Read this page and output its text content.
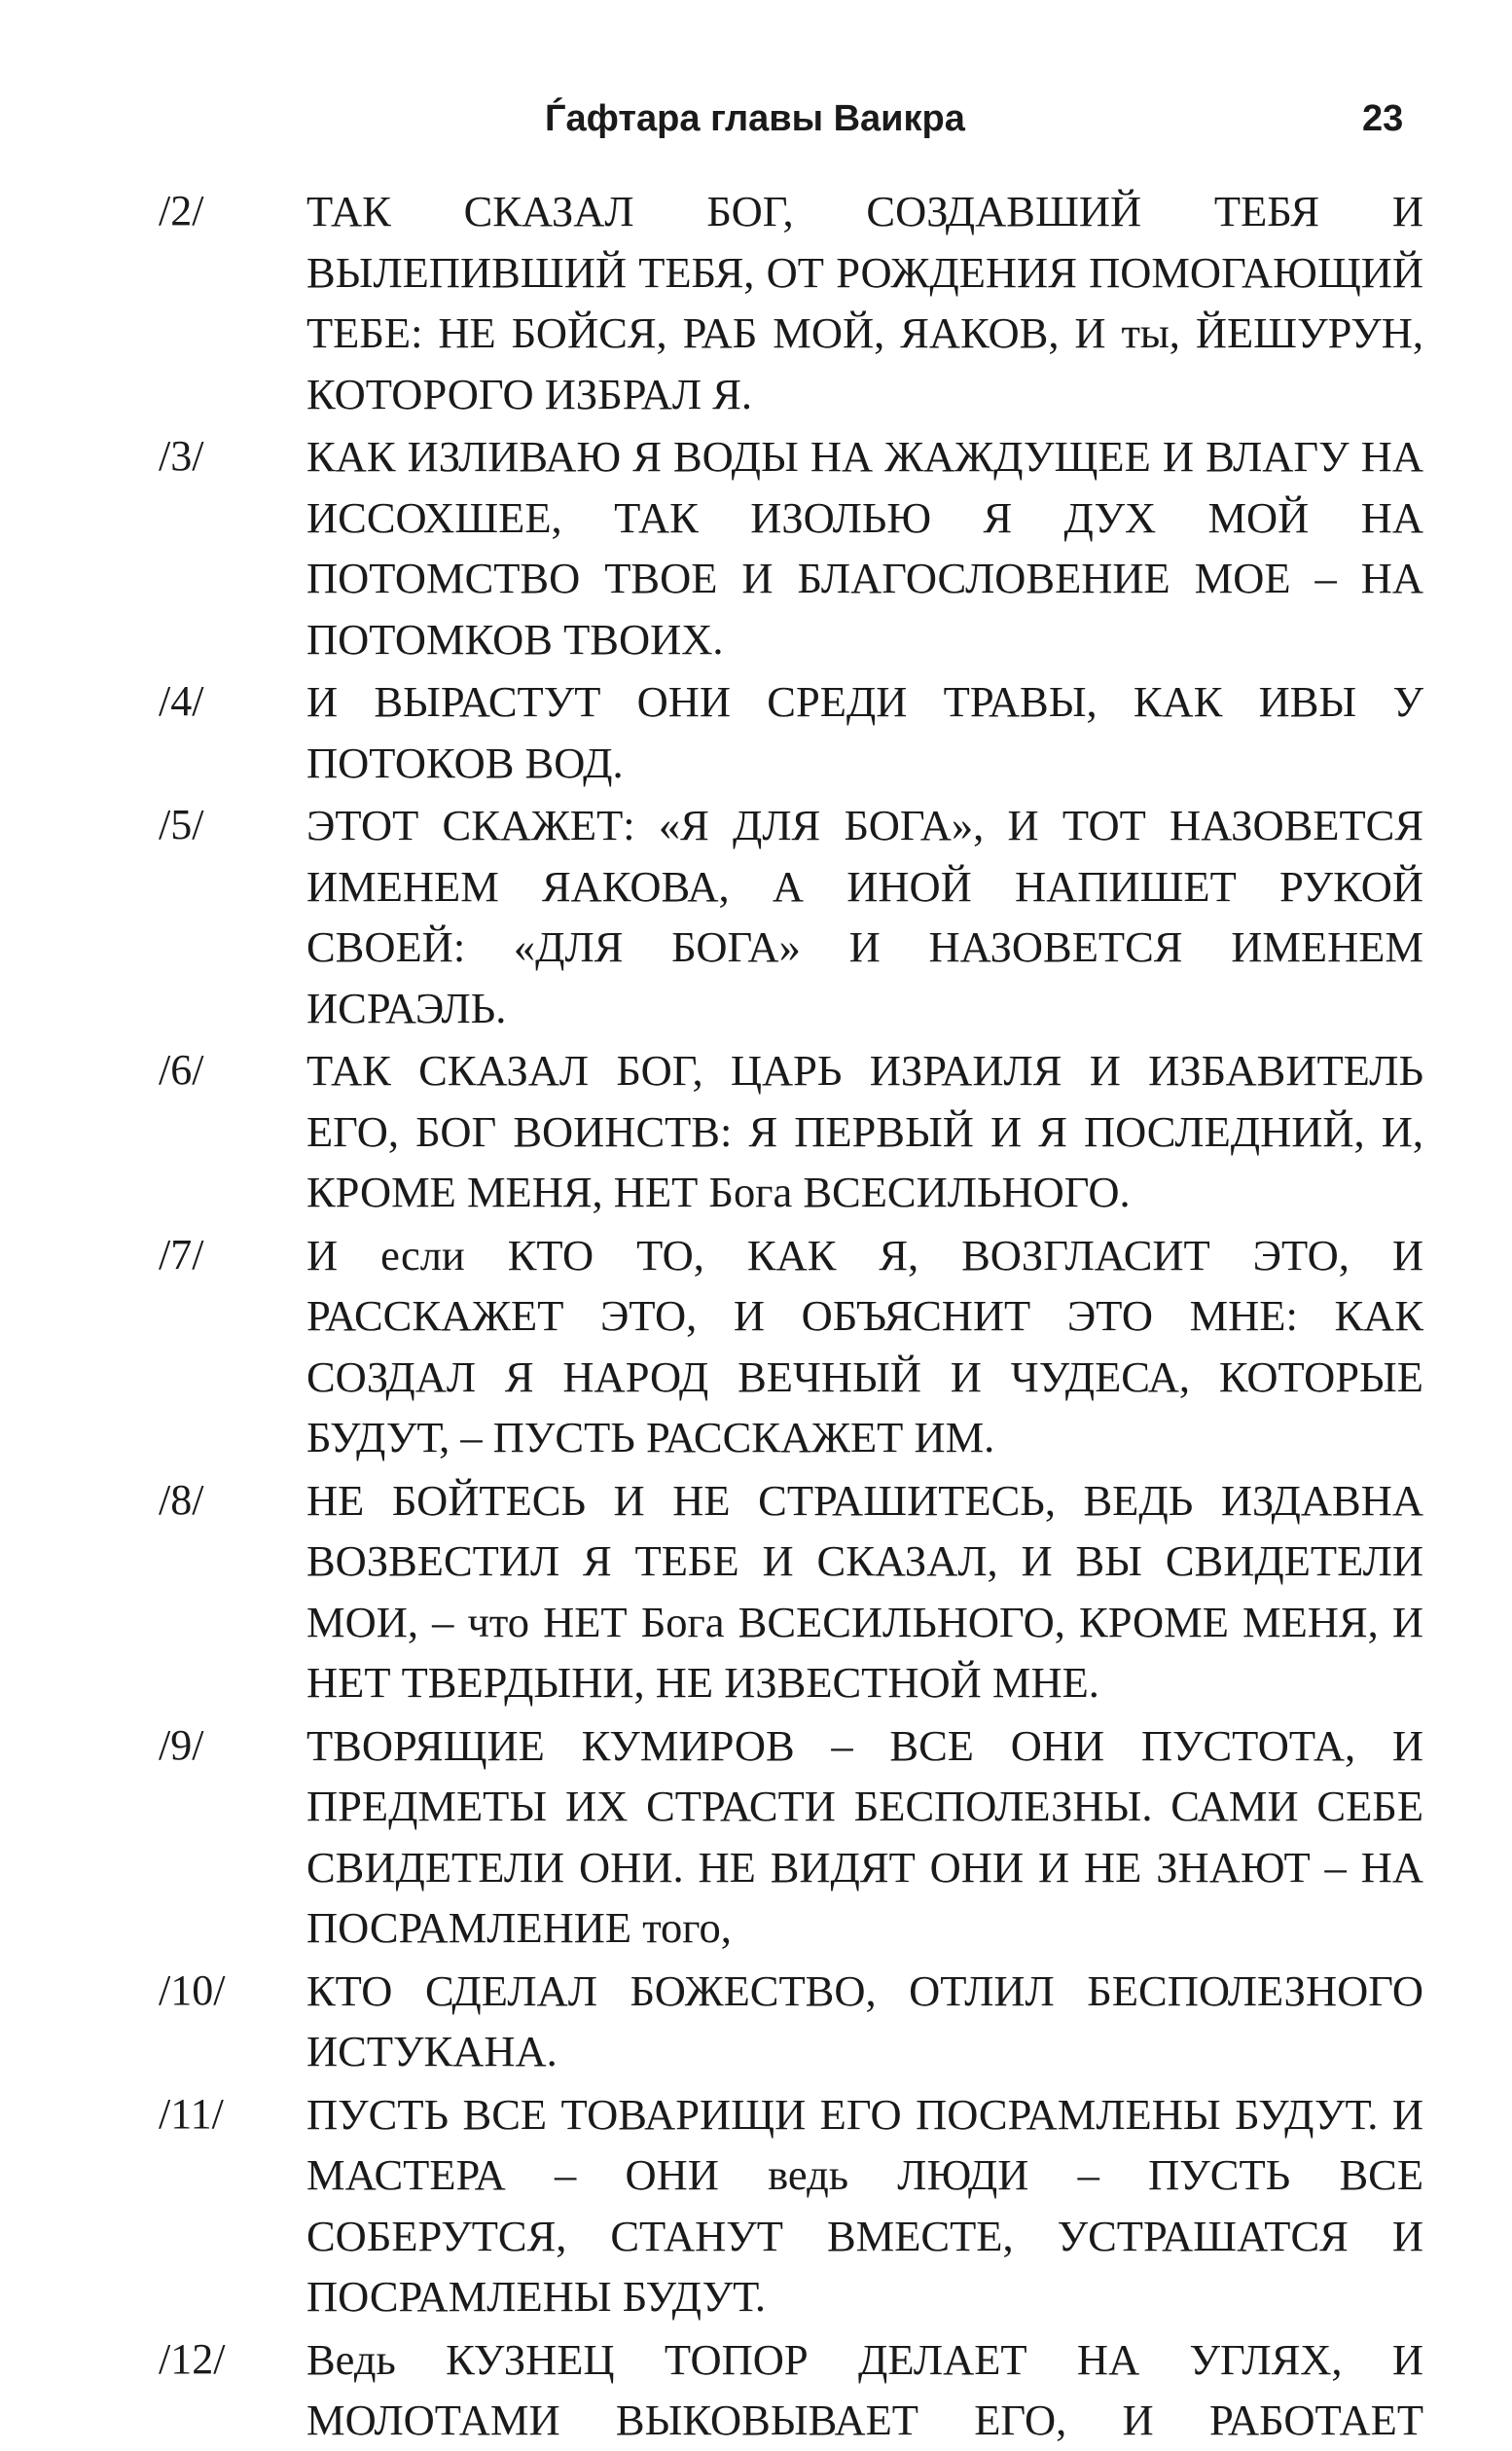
Ѓафтара главы Ваикра	23
/2/	ТАК СКАЗАЛ БОГ, СОЗДАВШИЙ ТЕБЯ И ВЫЛЕПИВШИЙ ТЕБЯ, ОТ РОЖДЕНИЯ ПОМОГАЮЩИЙ ТЕБЕ: НЕ БОЙСЯ, РАБ МОЙ, ЯАКОВ, И ты, ЙЕШУРУН, КОТОРОГО ИЗБРАЛ Я.
/3/	КАК ИЗЛИВАЮ Я ВОДЫ НА ЖАЖДУЩЕЕ И ВЛАГУ НА ИССОХШЕЕ, ТАК ИЗОЛЬЮ Я ДУХ МОЙ НА ПОТОМСТВО ТВОЕ И БЛАГОСЛОВЕНИЕ МОЕ – НА ПОТОМКОВ ТВОИХ.
/4/	И ВЫРАСТУТ ОНИ СРЕДИ ТРАВЫ, КАК ИВЫ У ПОТОКОВ ВОД.
/5/	ЭТОТ СКАЖЕТ: «Я ДЛЯ БОГА», И ТОТ НАЗОВЕТСЯ ИМЕНЕМ ЯАКОВА, А ИНОЙ НАПИШЕТ РУКОЙ СВОЕЙ: «ДЛЯ БОГА» И НАЗОВЕТСЯ ИМЕНЕМ ИСРАЭЛЬ.
/6/	ТАК СКАЗАЛ БОГ, ЦАРЬ ИЗРАИЛЯ И ИЗБАВИТЕЛЬ ЕГО, БОГ ВОИНСТВ: Я ПЕРВЫЙ И Я ПОСЛЕДНИЙ, И, КРОМЕ МЕНЯ, НЕТ Бога ВСЕСИЛЬНОГО.
/7/	И если КТО ТО, КАК Я, ВОЗГЛАСИТ ЭТО, И РАССКАЖЕТ ЭТО, И ОБЪЯСНИТ ЭТО МНЕ: КАК СОЗДАЛ Я НАРОД ВЕЧНЫЙ И ЧУДЕСА, КОТОРЫЕ БУДУТ, – ПУСТЬ РАССКАЖЕТ ИМ.
/8/	НЕ БОЙТЕСЬ И НЕ СТРАШИТЕСЬ, ВЕДЬ ИЗДАВНА ВОЗВЕСТИЛ Я ТЕБЕ И СКАЗАЛ, И ВЫ СВИДЕТЕЛИ МОИ, – что НЕТ Бога ВСЕСИЛЬНОГО, КРОМЕ МЕНЯ, И НЕТ ТВЕРДЫНИ, НЕ ИЗВЕСТНОЙ МНЕ.
/9/	ТВОРЯЩИЕ КУМИРОВ – ВСЕ ОНИ ПУСТОТА, И ПРЕДМЕТЫ ИХ СТРАСТИ БЕСПОЛЕЗНЫ. САМИ СЕБЕ СВИДЕТЕЛИ ОНИ. НЕ ВИДЯТ ОНИ И НЕ ЗНАЮТ – НА ПОСРАМЛЕНИЕ того,
/10/	КТО СДЕЛАЛ БОЖЕСТВО, ОТЛИЛ БЕСПОЛЕЗНОГО ИСТУКАНА.
/11/	ПУСТЬ ВСЕ ТОВАРИЩИ ЕГО ПОСРАМЛЕНЫ БУДУТ. И МАСТЕРА – ОНИ ведь ЛЮДИ – ПУСТЬ ВСЕ СОБЕРУТСЯ, СТАНУТ ВМЕСТЕ, УСТРАШАТСЯ И ПОСРАМЛЕНЫ БУДУТ.
/12/	Ведь КУЗНЕЦ ТОПОР ДЕЛАЕТ НА УГЛЯХ, И МОЛОТАМИ ВЫКОВЫВАЕТ ЕГО, И РАБОТАЕТ
